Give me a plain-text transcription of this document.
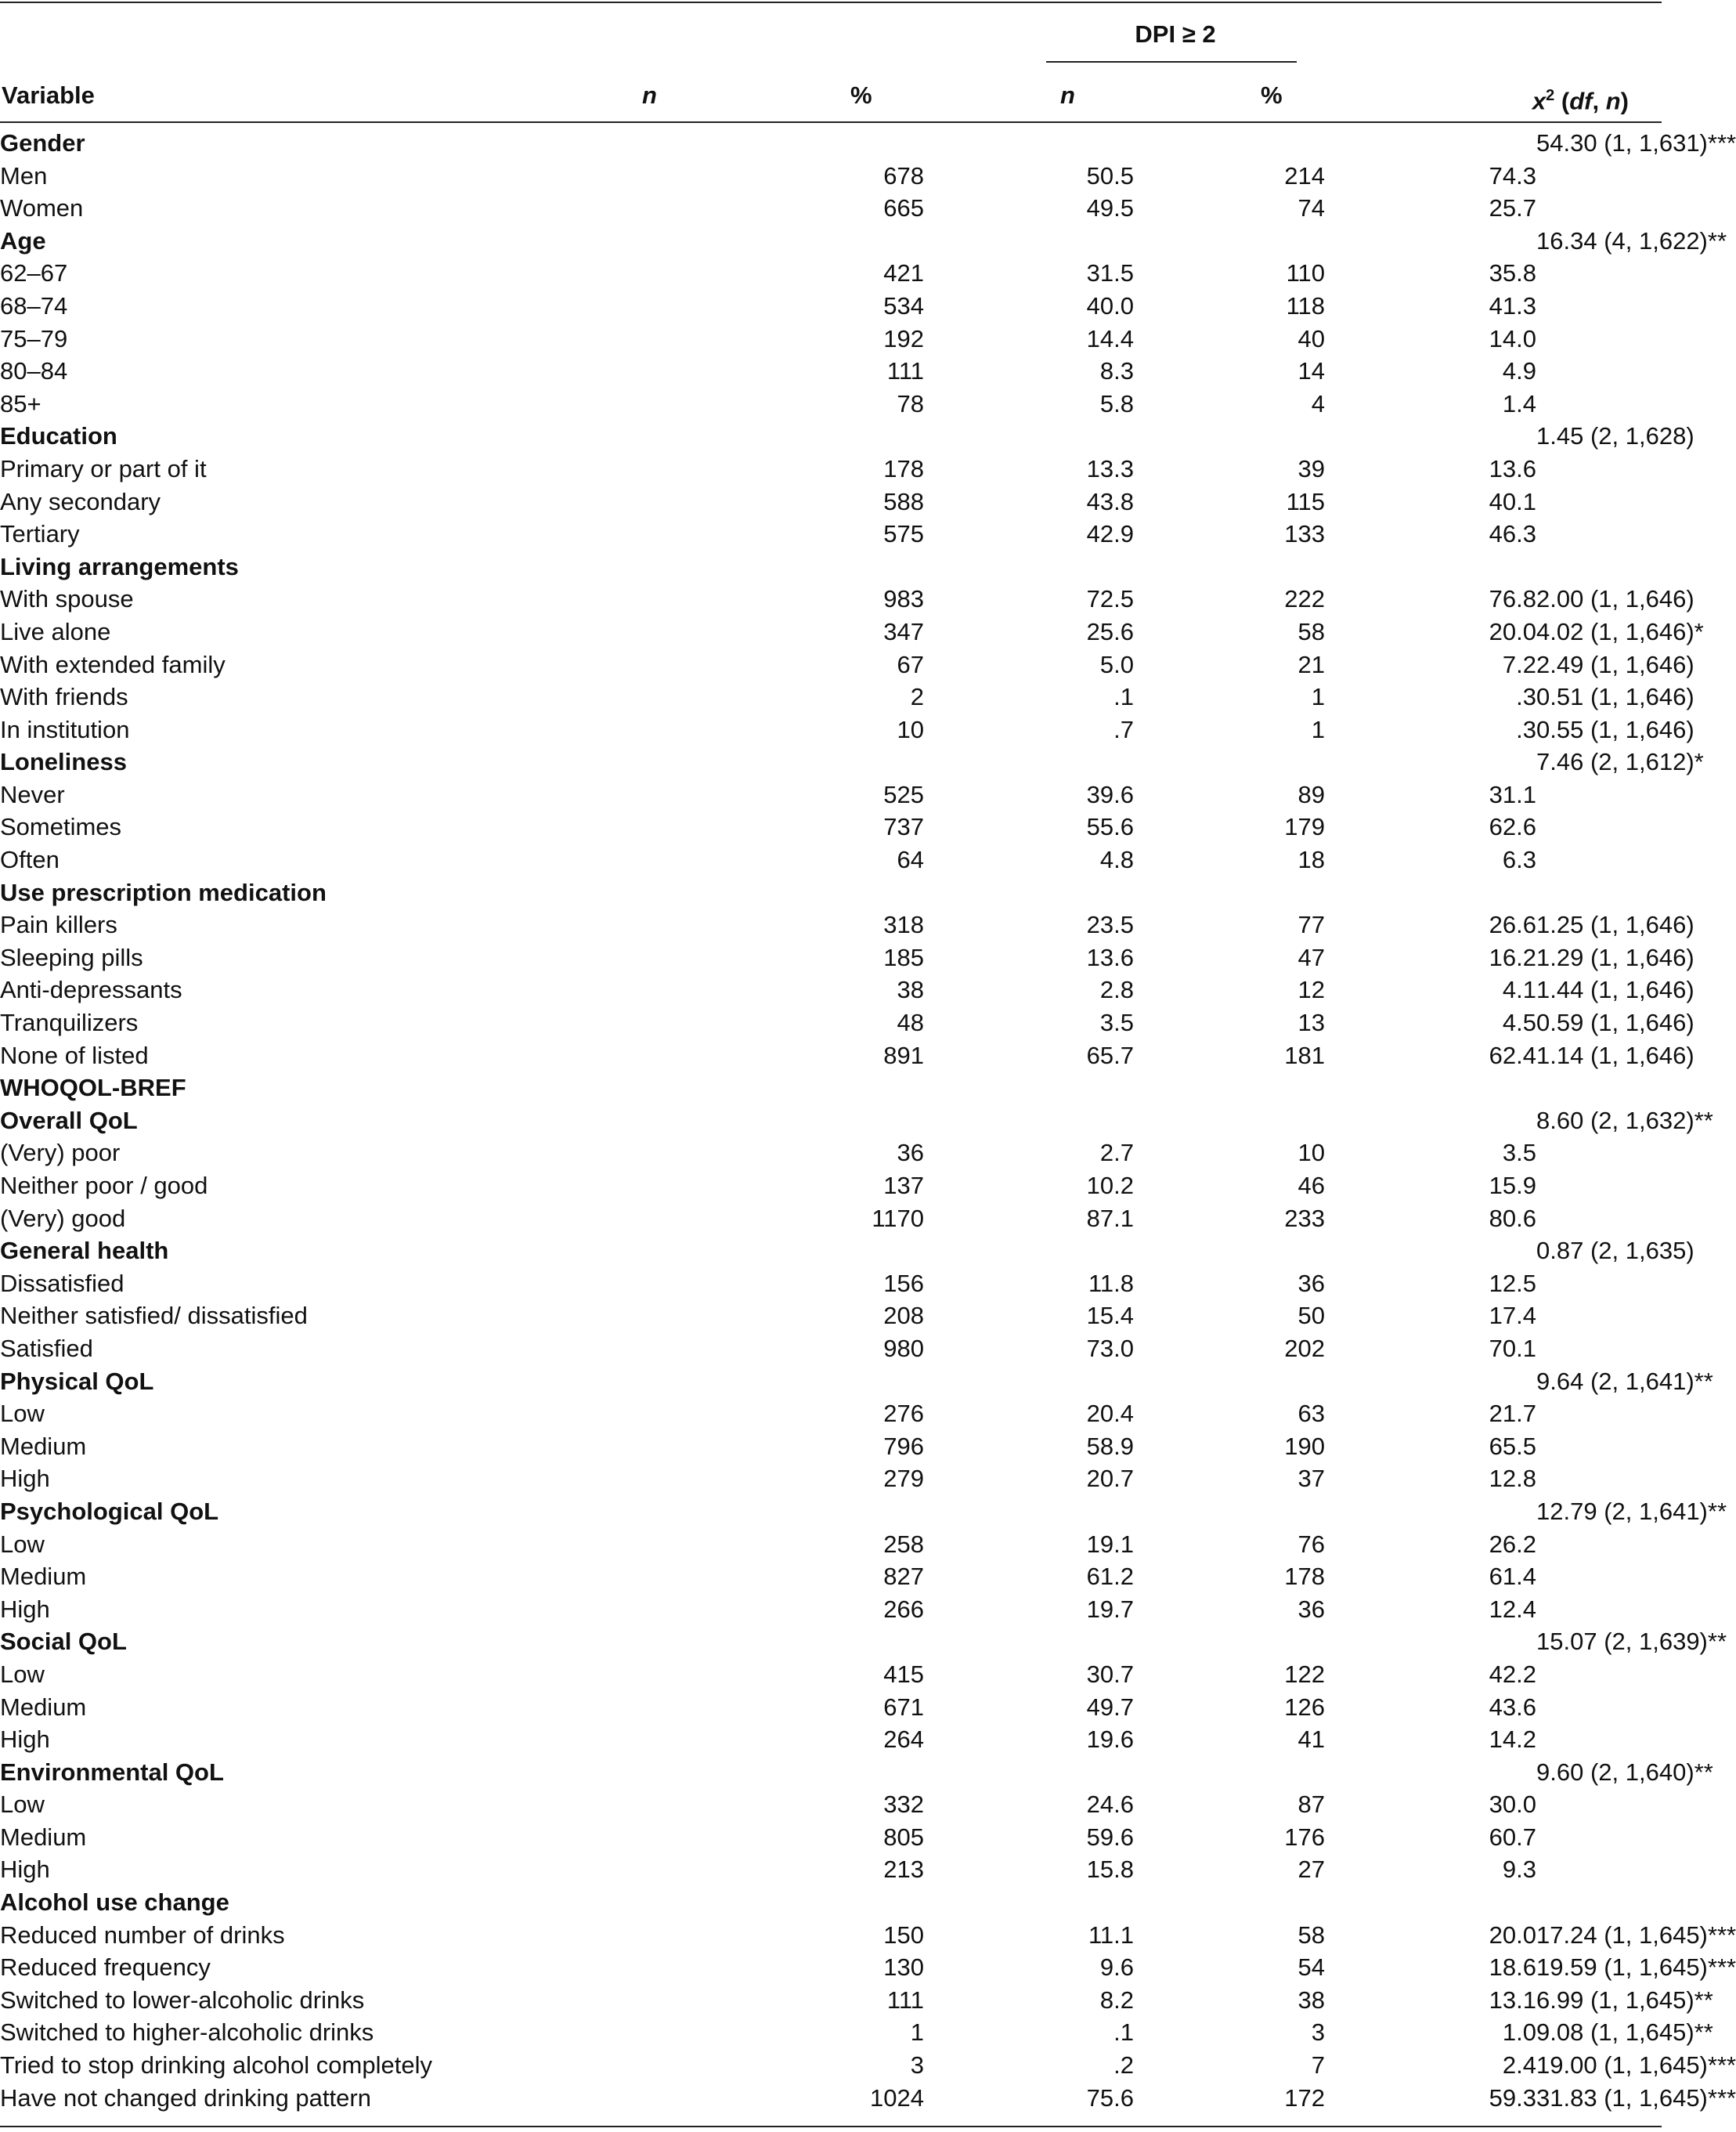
DPI ≥ 2
Variable	n	%	n	%	$x^2$ (df, n)
Gender					54.30 (1, 1,631)***
Men	678	50.5	214	74.3	
Women	665	49.5	74	25.7	
Age					16.34 (4, 1,622)**
62–67	421	31.5	110	35.8	
68–74	534	40.0	118	41.3	
75–79	192	14.4	40	14.0	
80–84	111	8.3	14	4.9	
85+	78	5.8	4	1.4	
Education					1.45 (2, 1,628)
Primary or part of it	178	13.3	39	13.6	
Any secondary	588	43.8	115	40.1	
Tertiary	575	42.9	133	46.3	
Living arrangements					
With spouse	983	72.5	222	76.8	2.00 (1, 1,646)
Live alone	347	25.6	58	20.0	4.02 (1, 1,646)*
With extended family	67	5.0	21	7.2	2.49 (1, 1,646)
With friends	2	.1	1	.3	0.51 (1, 1,646)
In institution	10	.7	1	.3	0.55 (1, 1,646)
Loneliness					7.46 (2, 1,612)*
Never	525	39.6	89	31.1	
Sometimes	737	55.6	179	62.6	
Often	64	4.8	18	6.3	
Use prescription medication					
Pain killers	318	23.5	77	26.6	1.25 (1, 1,646)
Sleeping pills	185	13.6	47	16.2	1.29 (1, 1,646)
Anti-depressants	38	2.8	12	4.1	1.44 (1, 1,646)
Tranquilizers	48	3.5	13	4.5	0.59 (1, 1,646)
None of listed	891	65.7	181	62.4	1.14 (1, 1,646)
WHOQOL-BREF					
Overall QoL					8.60 (2, 1,632)**
(Very) poor	36	2.7	10	3.5	
Neither poor / good	137	10.2	46	15.9	
(Very) good	1170	87.1	233	80.6	
General health					0.87 (2, 1,635)
Dissatisfied	156	11.8	36	12.5	
Neither satisfied/ dissatisfied	208	15.4	50	17.4	
Satisfied	980	73.0	202	70.1	
Physical QoL					9.64 (2, 1,641)**
Low	276	20.4	63	21.7	
Medium	796	58.9	190	65.5	
High	279	20.7	37	12.8	
Psychological QoL					12.79 (2, 1,641)**
Low	258	19.1	76	26.2	
Medium	827	61.2	178	61.4	
High	266	19.7	36	12.4	
Social QoL					15.07 (2, 1,639)**
Low	415	30.7	122	42.2	
Medium	671	49.7	126	43.6	
High	264	19.6	41	14.2	
Environmental QoL					9.60 (2, 1,640)**
Low	332	24.6	87	30.0	
Medium	805	59.6	176	60.7	
High	213	15.8	27	9.3	
Alcohol use change					
Reduced number of drinks	150	11.1	58	20.0	17.24 (1, 1,645)***
Reduced frequency	130	9.6	54	18.6	19.59 (1, 1,645)***
Switched to lower-alcoholic drinks	111	8.2	38	13.1	6.99 (1, 1,645)**
Switched to higher-alcoholic drinks	1	.1	3	1.0	9.08 (1, 1,645)**
Tried to stop drinking alcohol completely	3	.2	7	2.4	19.00 (1, 1,645)***
Have not changed drinking pattern	1024	75.6	172	59.3	31.83 (1, 1,645)***
